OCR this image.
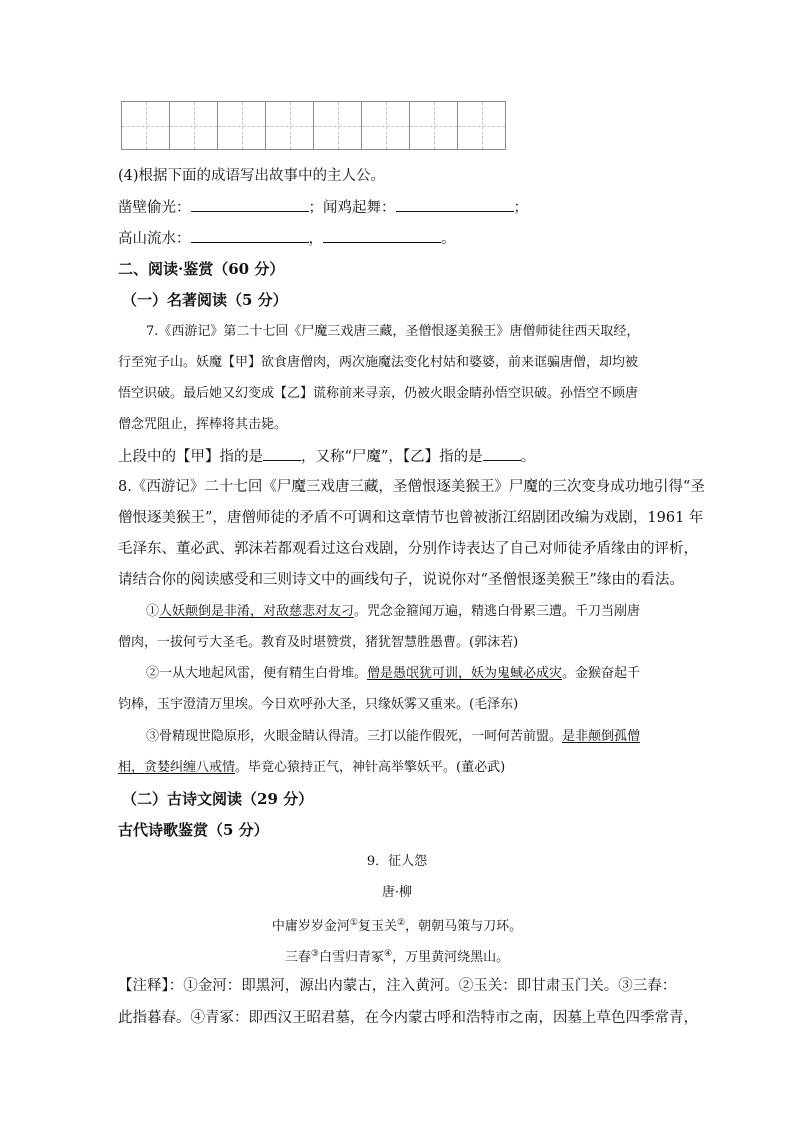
(4)根据下面的成语写出故事中的主人公。
凿壁偷光：	；闻鸡起舞：	；
高山流水：	，	。
二、阅读·鉴赏（60 分）
（一）名著阅读（5 分）
7.《西游记》第二十七回《尸魔三戏唐三藏，圣僧恨逐美猴王》唐僧师徒往西天取经，
行至宛子山。妖魔【甲】欲食唐僧肉，两次施魔法变化村姑和婆婆，前来诓骗唐僧，却均被
悟空识破。最后她又幻变成【乙】谎称前来寻亲，仍被火眼金睛孙悟空识破。孙悟空不顾唐
僧念咒阻止，挥棒将其击毙。
上段中的【甲】指的是	，又称“尸魔”，【乙】指的是	。
8.《西游记》二十七回《尸魔三戏唐三藏，圣僧恨逐美猴王》尸魔的三次变身成功地引得“圣
僧恨逐美猴王”，唐僧师徒的矛盾不可调和这章情节也曾被浙江绍剧团改编为戏剧，1961 年
毛泽东、董必武、郭沫若都观看过这台戏剧，分别作诗表达了自己对师徒矛盾缘由的评析，
请结合你的阅读感受和三则诗文中的画线句子，说说你对“圣僧恨逐美猴王”缘由的看法。
①人妖颠倒是非淆，对敌慈悲对友刁。咒念金箍闻万遍，精逃白骨累三遭。千刀当剐唐
僧肉，一拔何亏大圣毛。教育及时堪赞赏，猪犹智慧胜愚曹。(郭沫若)
②一从大地起风雷，便有精生白骨堆。僧是愚氓犹可训，妖为鬼蜮必成灾。金猴奋起千
钧棒，玉宇澄清万里埃。今日欢呼孙大圣，只缘妖雾又重来。(毛泽东)
③骨精现世隐原形，火眼金睛认得清。三打以能作假死，一呵何苦前盟。是非颠倒孤僧
相，贪婪纠缠八戒情。毕竟心猿持正气，神针高举擎妖平。(董必武)
（二）古诗文阅读（29 分）
古代诗歌鉴赏（5 分）
9．征人怨
唐·柳
中庸岁岁金河①复玉关②，朝朝马策与刀环。
三春③白雪归青冢④，万里黄河绕黑山。
【注释】：①金河：即黑河，源出内蒙古，注入黄河。②玉关：即甘肃玉门关。③三春：
此指暮春。④青冢：即西汉王昭君墓，在今内蒙古呼和浩特市之南，因墓上草色四季常青，
